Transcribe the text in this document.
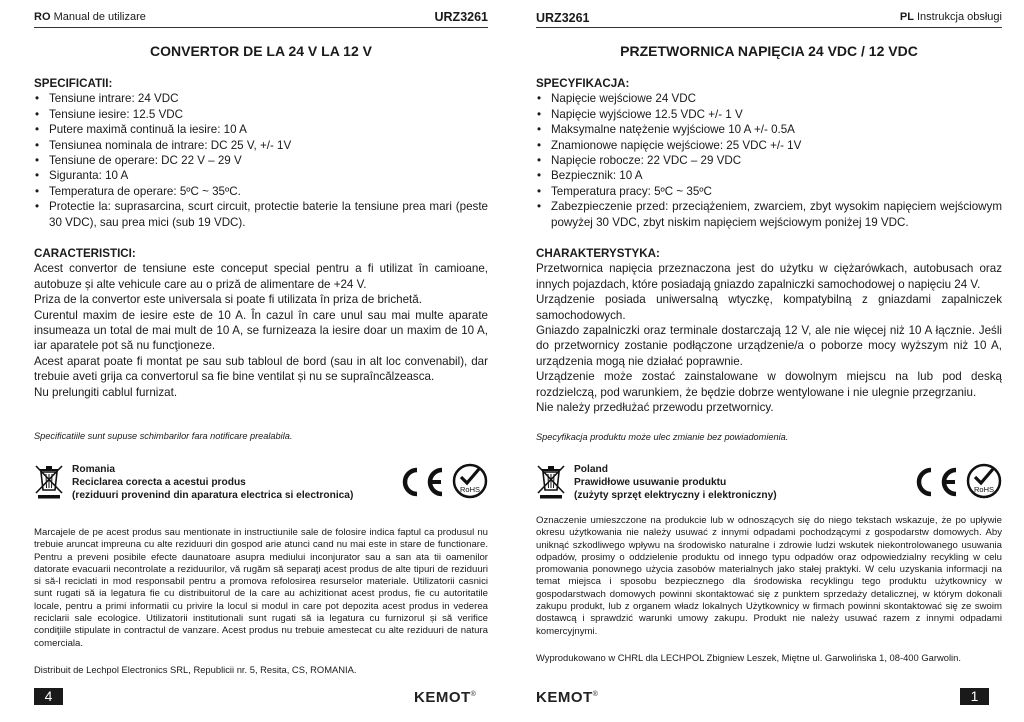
RO Manual de utilizare	URZ3261
CONVERTOR DE LA 24 V LA 12 V
SPECIFICATII:
• Tensiune intrare: 24 VDC
• Tensiune iesire: 12.5 VDC
• Putere maximă continuă la iesire: 10 A
• Tensiunea nominala de intrare: DC 25 V, +/- 1V
• Tensiune de operare: DC 22 V – 29 V
• Siguranta: 10 A
• Temperatura de operare: 5ºC ~ 35ºC.
• Protectie la: suprasarcina, scurt circuit, protectie baterie la tensiune prea mari (peste 30 VDC), sau prea mici (sub 19 VDC).
CARACTERISTICI:

Acest convertor de tensiune este conceput special pentru a fi utilizat în camioane, autobuze și alte vehicule care au o priză de alimentare de +24 V.

Priza de la convertor este universala si poate fi utilizata în priza de brichetă.

Curentul maxim de iesire este de 10 A. În cazul în care unul sau mai multe aparate insumeaza un total de mai mult de 10 A, se furnizeaza la iesire doar un maxim de 10 A, iar aparatele pot să nu funcţioneze.

Acest aparat poate fi montat pe sau sub tabloul de bord (sau in alt loc convenabil), dar trebuie aveti grija ca convertorul sa fie bine ventilat și nu se supraîncălzeasca.

Nu prelungiti cablul furnizat.

Specificatiile sunt supuse schimbarilor fara notificare prealabila.
Romania
Reciclarea corecta a acestui produs
(reziduuri provenind din aparatura electrica si electronica)
RoHS
Marcajele de pe acest produs sau mentionate in instructiunile sale de folosire indica faptul ca produsul nu trebuie aruncat impreuna cu alte reziduuri din gospod arie atunci cand nu mai este in stare de functionare. Pentru a preveni posibile efecte daunatoare asupra mediului inconjurator sau a san ata tii oamenilor datorate evacuarii necontrolate a reziduurilor, vă rugăm să separaţi acest produs de alte tipuri de reziduuri si să-l reciclati in mod responsabil pentru a promova refolosirea resurselor materiale. Utilizatorii casnici sunt rugati să ia legatura fie cu distribuitorul de la care au achizitionat acest produs, fie cu autoritatile locale, pentru a primi informatii cu privire la locul si modul in care pot depozita acest produs in vederea reciclarii sale ecologice. Utilizatorii institutionali sunt rugati să ia legatura cu furnizorul și să verifice condiţiile stipulate in contractul de vanzare. Acest produs nu trebuie amestecat cu alte reziduuri de natura comerciala.
Distribuit de Lechpol Electronics SRL, Republicii nr. 5, Resita, CS, ROMANIA.
4	KEMOT®
URZ3261	PL Instrukcja obsługi
PRZETWORNICA NAPIĘCIA 24 VDC / 12 VDC
SPECYFIKACJA:
• Napięcie wejściowe 24 VDC
• Napięcie wyjściowe 12.5 VDC +/- 1 V
• Maksymalne natężenie wyjściowe 10 A +/- 0.5A
• Znamionowe napięcie wejściowe: 25 VDC +/- 1V
• Napięcie robocze: 22 VDC – 29 VDC
• Bezpiecznik: 10 A
• Temperatura pracy: 5ºC ~ 35ºC
• Zabezpieczenie przed: przeciążeniem, zwarciem, zbyt wysokim napięciem wejściowym powyżej 30 VDC, zbyt niskim napięciem wejściowym poniżej 19 VDC.
CHARAKTERYSTYKA:

Przetwornica napięcia przeznaczona jest do użytku w ciężarówkach, autobusach oraz innych pojazdach, które posiadają gniazdo zapalniczki samochodowej o napięciu 24 V.

Urządzenie posiada uniwersalną wtyczkę, kompatybilną z gniazdami zapalniczek samochodowych.

Gniazdo zapalniczki oraz terminale dostarczają 12 V, ale nie więcej niż 10 A łącznie. Jeśli do przetwornicy zostanie podłączone urządzenie/a o poborze mocy wyższym niż 10 A, urządzenia mogą nie działać poprawnie.

Urządzenie może zostać zainstalowane w dowolnym miejscu na lub pod deską rozdzielczą, pod warunkiem, że będzie dobrze wentylowane i nie ulegnie przegrzaniu.

Nie należy przedłużać przewodu przetwornicy.

Specyfikacja produktu może ulec zmianie bez powiadomienia.
Poland
Prawidłowe usuwanie produktu
(zużyty sprzęt elektryczny i elektroniczny)
RoHS
Oznaczenie umieszczone na produkcie lub w odnoszących się do niego tekstach wskazuje, że po upływie okresu użytkowania nie należy usuwać z innymi odpadami pochodzącymi z gospodarstw domowych. Aby uniknąć szkodliwego wpływu na środowisko naturalne i zdrowie ludzi wskutek niekontrolowanego usuwania odpadów, prosimy o oddzielenie produktu od innego typu odpadów oraz odpowiedzialny recykling w celu promowania ponownego użycia zasobów materialnych jako stałej praktyki. W celu uzyskania informacji na temat miejsca i sposobu bezpiecznego dla środowiska recyklingu tego produktu użytkownicy w gospodarstwach domowych powinni skontaktować się z punktem sprzedaży detalicznej, w którym dokonali zakupu produkt, lub z organem władz lokalnych Użytkownicy w firmach powinni skontaktować się ze swoim dostawcą i sprawdzić warunki umowy zakupu. Produkt nie należy usuwać razem z innymi odpadami komercyjnymi.
Wyprodukowano w CHRL dla LECHPOL Zbigniew Leszek, Miętne ul. Garwolińska 1, 08-400 Garwolin.
KEMOT®	1
